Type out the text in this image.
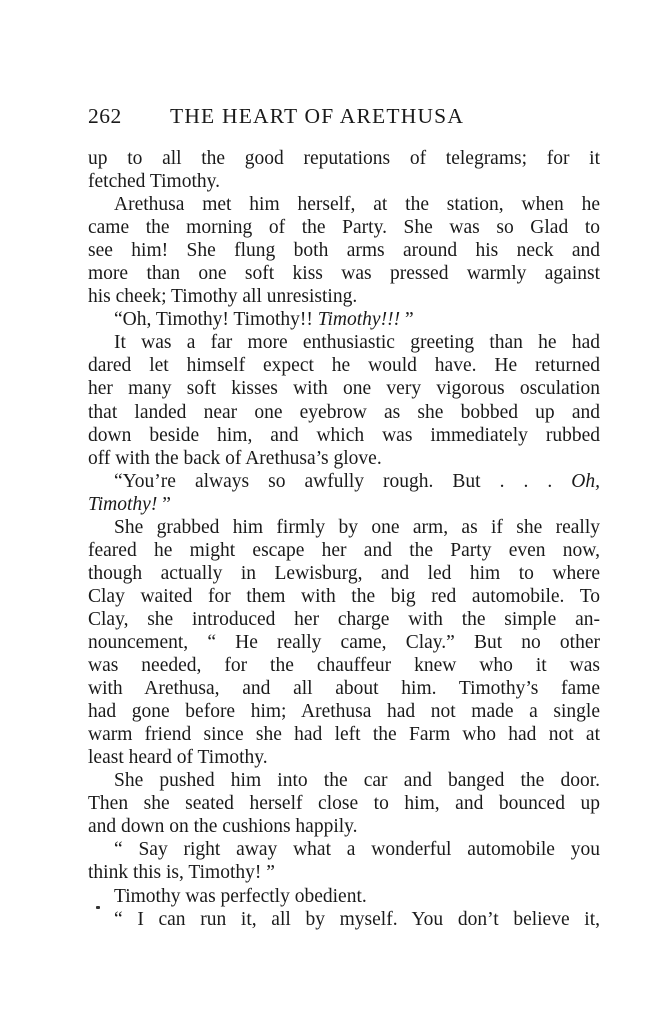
262 THE HEART OF ARETHUSA
up to all the good reputations of telegrams; for it
fetched Timothy.
Arethusa met him herself, at the station, when he
came the morning of the Party. She was so Glad to
see him! She flung both arms around his neck and
more than one soft kiss was pressed warmly against
his cheek; Timothy all unresisting.
“Oh, Timothy! Timothy!! Timothy!!! ”
It was a far more enthusiastic greeting than he had
dared let himself expect he would have. He returned
her many soft kisses with one very vigorous osculation
that landed near one eyebrow as she bobbed up and
down beside him, and which was immediately rubbed
off with the back of Arethusa’s glove.
“You’re always so awfully rough. But . . . Oh,
Timothy! ”
She grabbed him firmly by one arm, as if she really
feared he might escape her and the Party even now,
though actually in Lewisburg, and led him to where
Clay waited for them with the big red automobile. To
Clay, she introduced her charge with the simple an-
nouncement, “ He really came, Clay.” But no other
was needed, for the chauffeur knew who it was
with Arethusa, and all about him. Timothy’s fame
had gone before him; Arethusa had not made a single
warm friend since she had left the Farm who had not at
least heard of Timothy.
She pushed him into the car and banged the door.
Then she seated herself close to him, and bounced up
and down on the cushions happily.
“ Say right away what a wonderful automobile you
think this is, Timothy! ”
Timothy was perfectly obedient.
“ I can run it, all by myself. You don’t believe it,
